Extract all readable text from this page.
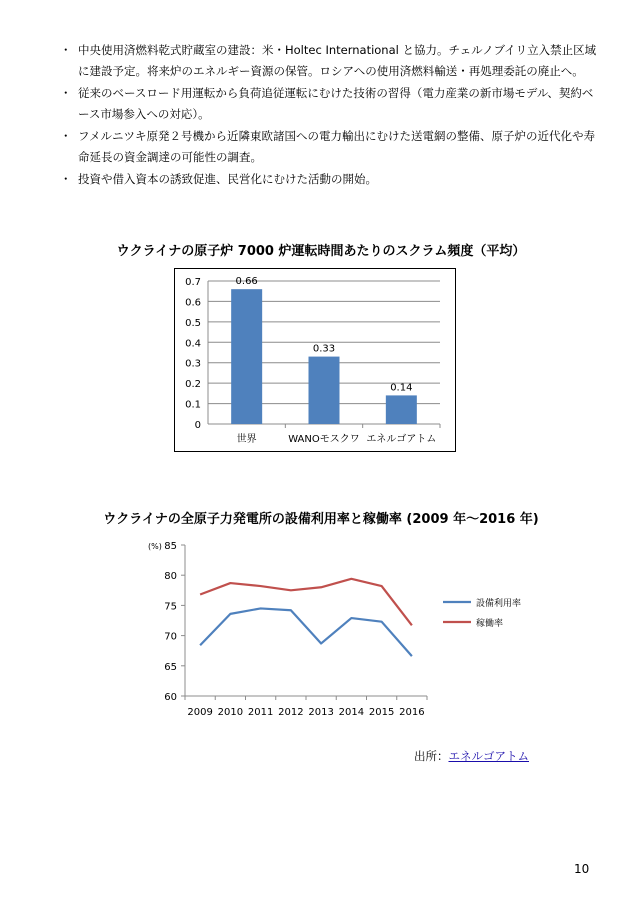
・ 中央使用済燃料乾式貯蔵室の建設：米・Holtec International と協力。チェルノブイリ立入禁止区域に建設予定。将来炉のエネルギー資源の保管。ロシアへの使用済燃料輸送・再処理委託の廃止へ。
・ 従来のベースロード用運転から負荷追従運転にむけた技術の習得（電力産業の新市場モデル、契約ベース市場参入への対応）。
・ フメルニツキ原発２号機から近隣東欧諸国への電力輸出にむけた送電網の整備、原子炉の近代化や寿命延長の資金調達の可能性の調査。
・ 投資や借入資本の誘致促進、民営化にむけた活動の開始。
ウクライナの原子炉 7000 炉運転時間あたりのスクラム頻度（平均）
0
0.1
0.2
0.3
0.4
0.5
0.6
0.7	0.66
世界
0.33
WANOモスクワ
0.14
エネルゴアトム
ウクライナの全原子力発電所の設備利用率と稼働率 (2009 年～2016 年)
(%)
60
65
70
75
80
85
2009 2010 2011 2012 2013 2014 2015 2016
設備利用率
稼働率
出所：エネルゴアトム
10
